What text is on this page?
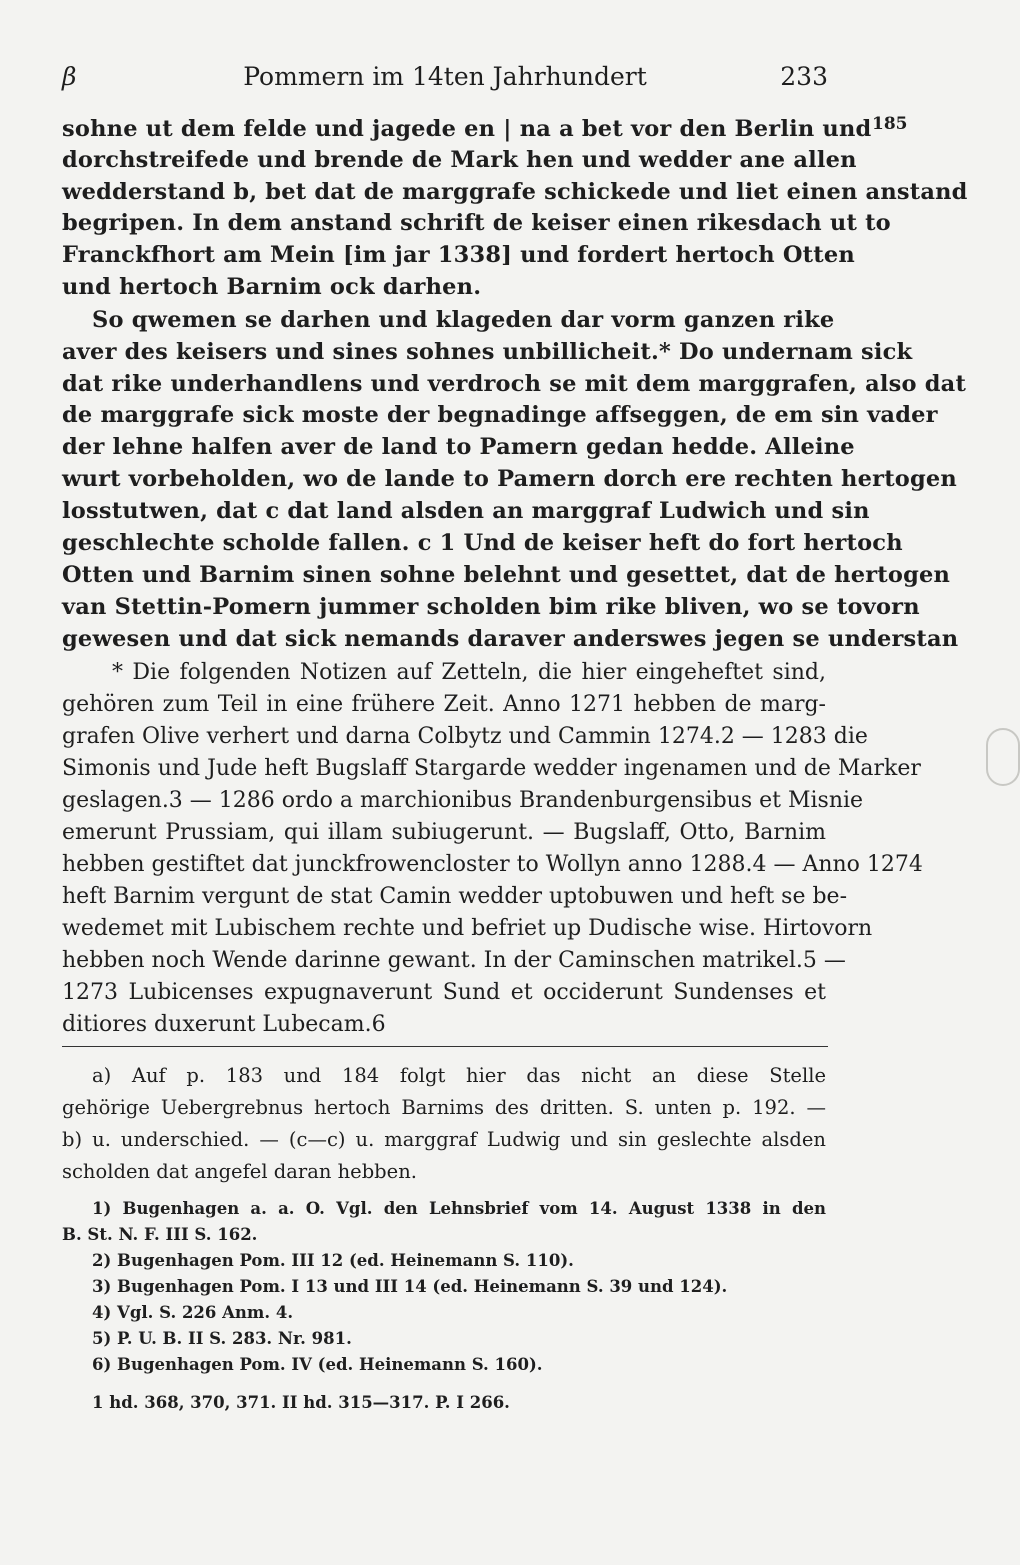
β	Pommern im 14ten Jahrhundert	233
185
sohne ut dem felde und jagede en | na a bet vor den Berlin und
dorchstreifede und brende de Mark hen und wedder ane allen
wedderstand b, bet dat de marggrafe schickede und liet einen anstand
begripen. In dem anstand schrift de keiser einen rikesdach ut to
Franckfhort am Mein [im jar 1338] und fordert hertoch Otten
und hertoch Barnim ock darhen.
So qwemen se darhen und klageden dar vorm ganzen rike
aver des keisers und sines sohnes unbillicheit.* Do undernam sick
dat rike underhandlens und verdroch se mit dem marggrafen, also dat
de marggrafe sick moste der begnadinge affseggen, de em sin vader
der lehne halfen aver de land to Pamern gedan hedde. Alleine
wurt vorbeholden, wo de lande to Pamern dorch ere rechten hertogen
losstutwen, dat c dat land alsden an marggraf Ludwich und sin
geschlechte scholde fallen. c 1 Und de keiser heft do fort hertoch
Otten und Barnim sinen sohne belehnt und gesettet, dat de hertogen
van Stettin-Pomern jummer scholden bim rike bliven, wo se tovorn
gewesen und dat sick nemands daraver anderswes jegen se understan
* Die folgenden Notizen auf Zetteln, die hier eingeheftet sind,
gehören zum Teil in eine frühere Zeit. Anno 1271 hebben de marg-
grafen Olive verhert und darna Colbytz und Cammin 1274.2 — 1283 die
Simonis und Jude heft Bugslaff Stargarde wedder ingenamen und de Marker
geslagen.3 — 1286 ordo a marchionibus Brandenburgensibus et Misnie
emerunt Prussiam, qui illam subiugerunt. — Bugslaff, Otto, Barnim
hebben gestiftet dat junckfrowencloster to Wollyn anno 1288.4 — Anno 1274
heft Barnim vergunt de stat Camin wedder uptobuwen und heft se be-
wedemet mit Lubischem rechte und befriet up Dudische wise. Hirtovorn
hebben noch Wende darinne gewant. In der Caminschen matrikel.5 —
1273 Lubicenses expugnaverunt Sund et occiderunt Sundenses et
ditiores duxerunt Lubecam.6
a) Auf p. 183 und 184 folgt hier das nicht an diese Stelle
gehörige Uebergrebnus hertoch Barnims des dritten. S. unten p. 192. —
b) u. underschied. — (c—c) u. marggraf Ludwig und sin geslechte alsden
scholden dat angefel daran hebben.
1) Bugenhagen a. a. O. Vgl. den Lehnsbrief vom 14. August 1338 in den
B. St. N. F. III S. 162.
2) Bugenhagen Pom. III 12 (ed. Heinemann S. 110).
3) Bugenhagen Pom. I 13 und III 14 (ed. Heinemann S. 39 und 124).
4) Vgl. S. 226 Anm. 4.
5) P. U. B. II S. 283. Nr. 981.
6) Bugenhagen Pom. IV (ed. Heinemann S. 160).
1 hd. 368, 370, 371. II hd. 315—317. P. I 266.
